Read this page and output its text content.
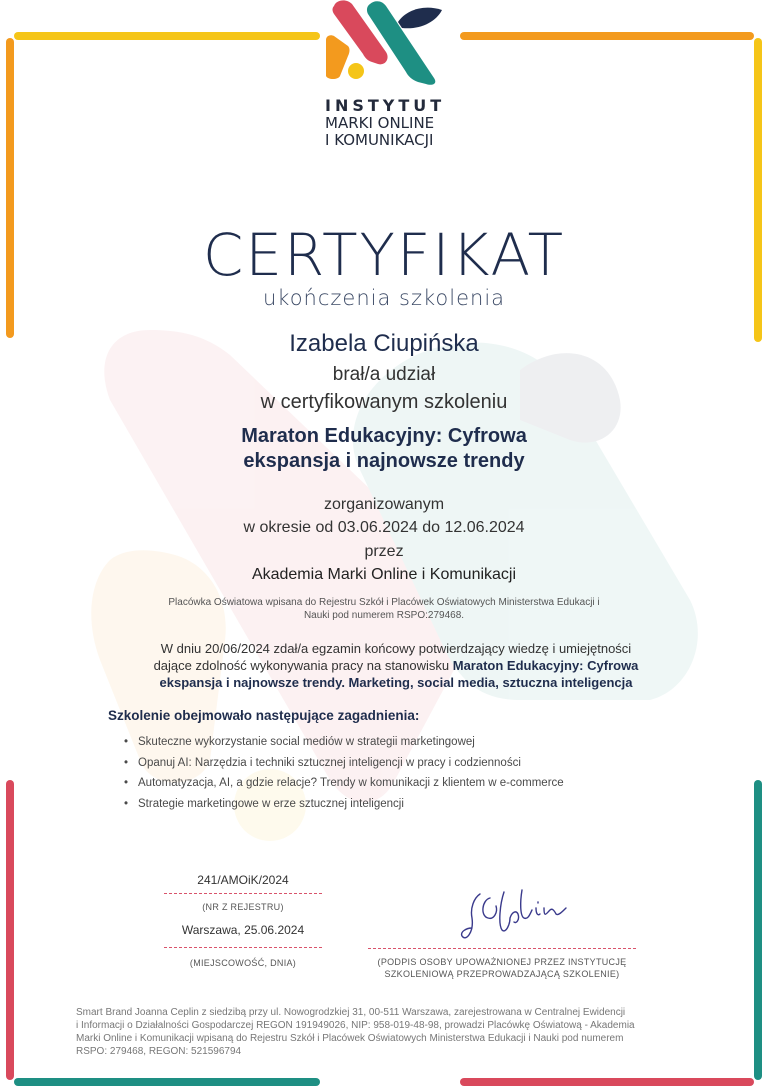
INSTYTUT
MARKI ONLINE
I KOMUNIKACJI
CERTYFIKAT
ukończenia szkolenia
Izabela Ciupińska
brał/a udział
w certyfikowanym szkoleniu
Maraton Edukacyjny: Cyfrowa
ekspansja i najnowsze trendy
zorganizowanym
w okresie od 03.06.2024 do 12.06.2024
przez
Akademia Marki Online i Komunikacji
Placówka Oświatowa wpisana do Rejestru Szkół i Placówek Oświatowych Ministerstwa Edukacji i
Nauki pod numerem RSPO:279468.
W dniu 20/06/2024 zdał/a egzamin końcowy potwierdzający wiedzę i umiejętności
dające zdolność wykonywania pracy na stanowisku Maraton Edukacyjny: Cyfrowa
ekspansja i najnowsze trendy. Marketing, social media, sztuczna inteligencja
Szkolenie obejmowało następujące zagadnienia:
• Skuteczne wykorzystanie social mediów w strategii marketingowej
• Opanuj AI: Narzędzia i techniki sztucznej inteligencji w pracy i codzienności
• Automatyzacja, AI, a gdzie relacje? Trendy w komunikacji z klientem w e-commerce
• Strategie marketingowe w erze sztucznej inteligencji
241/AMOiK/2024
(NR Z REJESTRU)
Warszawa, 25.06.2024
(MIEJSCOWOŚĆ, DNIA)	(PODPIS OSOBY UPOWAŻNIONEJ PRZEZ INSTYTUCJĘ
SZKOLENIOWĄ PRZEPROWADZAJĄCĄ SZKOLENIE)
Smart Brand Joanna Ceplin z siedzibą przy ul. Nowogrodzkiej 31, 00-511 Warszawa, zarejestrowana w Centralnej Ewidencji
i Informacji o Działalności Gospodarczej REGON 191949026, NIP: 958-019-48-98, prowadzi Placówkę Oświatową - Akademia
Marki Online i Komunikacji wpisaną do Rejestru Szkół i Placówek Oświatowych Ministerstwa Edukacji i Nauki pod numerem
RSPO: 279468, REGON: 521596794
